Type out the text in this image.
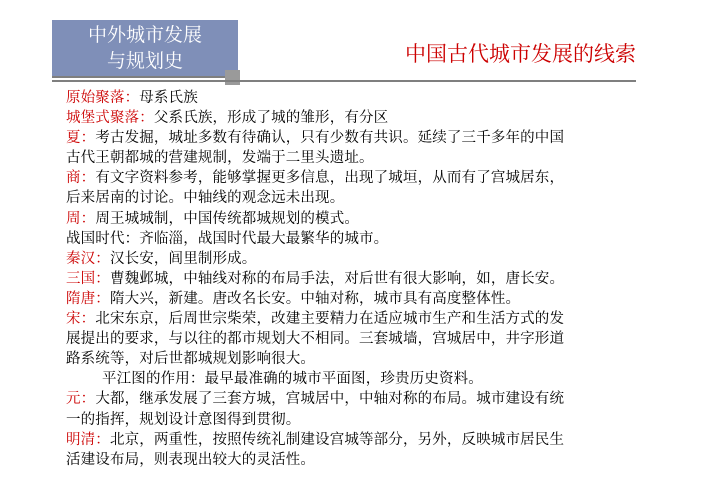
中外城市发展
与规划史	中国古代城市发展的线索
原始聚落：母系氏族
城堡式聚落：父系氏族，形成了城的雏形，有分区
夏：考古发掘，城址多数有待确认，只有少数有共识。延续了三千多年的中国
古代王朝都城的营建规制，发端于二里头遗址。
商：有文字资料参考，能够掌握更多信息，出现了城垣，从而有了宫城居东，
后来居南的讨论。中轴线的观念远未出现。
周：周王城城制，中国传统都城规划的模式。
战国时代：齐临淄，战国时代最大最繁华的城市。
秦汉：汉长安，闾里制形成。
三国：曹魏邺城，中轴线对称的布局手法，对后世有很大影响，如，唐长安。
隋唐：隋大兴，新建。唐改名长安。中轴对称，城市具有高度整体性。
宋：北宋东京，后周世宗柴荣，改建主要精力在适应城市生产和生活方式的发
展提出的要求，与以往的都市规划大不相同。三套城墙，宫城居中，井字形道
路系统等，对后世都城规划影响很大。
平江图的作用：最早最准确的城市平面图，珍贵历史资料。
元：大都，继承发展了三套方城，宫城居中，中轴对称的布局。城市建设有统
一的指挥，规划设计意图得到贯彻。
明清：北京，两重性，按照传统礼制建设宫城等部分，另外，反映城市居民生
活建设布局，则表现出较大的灵活性。
